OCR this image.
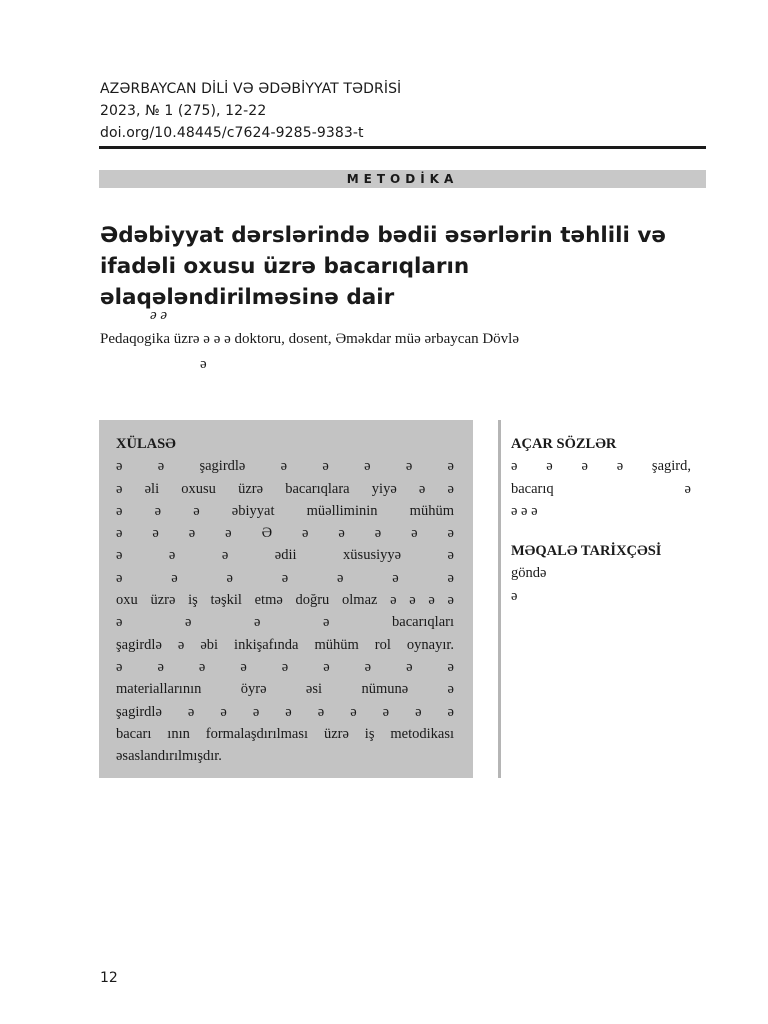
AZƏRBAYCAN DİLİ VƏ ƏDƏBİYYAT TƏDRİSİ
2023, № 1 (275), 12-22
doi.org/10.48445/c7624-9285-9383-t
METODİKA
Ədəbiyyat dərslərində bədii əsərlərin təhlili və ifadəli oxusu üzrə bacarıqların əlaqələndirilməsinə dair
ə ə
Pedaqogika üzrə ə ə ə doktoru, dosent, Əməkdar müə ərbaycan Dövlə
ə
XÜLASƏ
ə ə şagirdlə ə ə ə ə ə
ə əli oxusu üzrə bacarıqlara yiyə ə ə
ə ə ə əbiyyat müəlliminin mühüm
ə ə ə ə Ə ə ə ə ə ə
ə ə ə ədii xüsusiyyə ə
ə ə ə ə ə ə ə
oxu üzrə iş təşkil etmə doğru olmaz ə ə ə ə
ə ə ə ə bacarıqları
şagirdlə ə əbi inkişafında mühüm rol oynayır.
ə ə ə ə ə ə ə ə ə
materiallarının öyrə əsi nümunə ə
şagirdlə ə ə ə ə ə ə ə ə ə
bacarı ının formalaşdırılması üzrə iş metodikası
əsaslandırılmışdır.
AÇAR SÖZLƏR
ə ə ə ə şagird,
bacarıq ə
ə ə ə
MƏQALƏ TARİXÇƏSİ
göndə
ə
12
